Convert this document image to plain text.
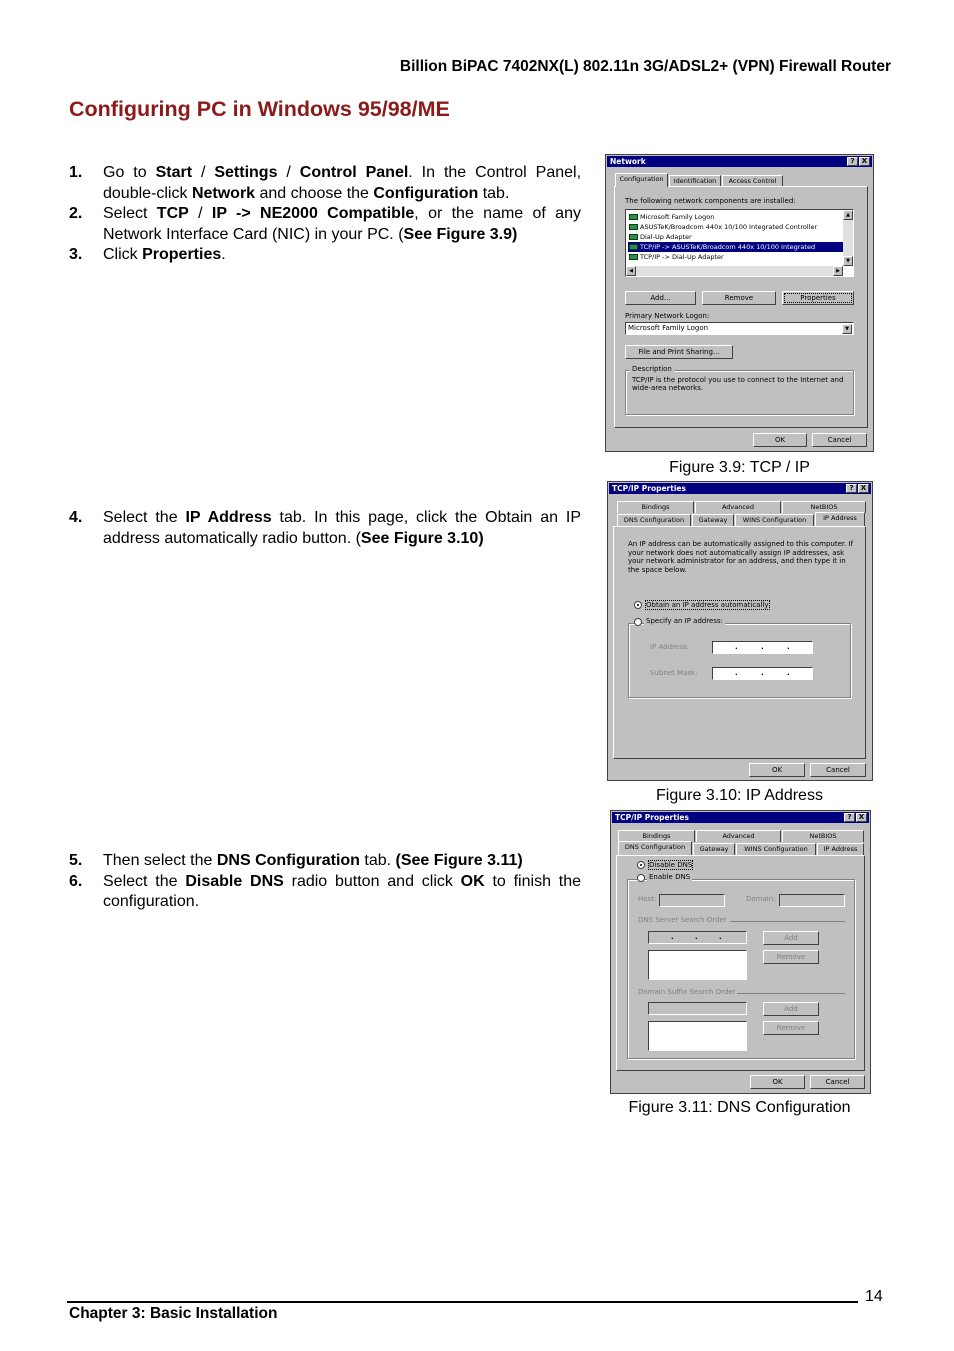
Billion BiPAC 7402NX(L) 802.11n 3G/ADSL2+ (VPN) Firewall Router
Configuring PC in Windows 95/98/ME
1. Go to Start / Settings / Control Panel. In the Control Panel, double-click Network and choose the Configuration tab.
2. Select TCP / IP -> NE2000 Compatible, or the name of any Network Interface Card (NIC) in your PC. (See Figure 3.9)
3. Click Properties.
4. Select the IP Address tab. In this page, click the Obtain an IP address automatically radio button. (See Figure 3.10)
5. Then select the DNS Configuration tab. (See Figure 3.11)
6. Select the Disable DNS radio button and click OK to finish the configuration.
Network	?	X
Configuration	Identification	Access Control
The following network components are installed:
Microsoft Family Logon
ASUSTeK/Broadcom 440x 10/100 Integrated Controller
Dial-Up Adapter
TCP/IP -> ASUSTeK/Broadcom 440x 10/100 Integrated
TCP/IP -> Dial-Up Adapter
▲
▼
◀	▶
Add...	Remove	Properties
Primary Network Logon:
Microsoft Family Logon	▼
File and Print Sharing...
Description
TCP/IP is the protocol you use to connect to the Internet and wide-area networks.
OK	Cancel
Figure 3.9: TCP / IP
TCP/IP Properties	?	X
Bindings	Advanced	NetBIOS
DNS Configuration	Gateway	WINS Configuration	IP Address
An IP address can be automatically assigned to this computer. If your network does not automatically assign IP addresses, ask your network administrator for an address, and then type it in the space below.
Obtain an IP address automatically
Specify an IP address:
IP Address:	.	.	.
Subnet Mask:	.	.	.
OK	Cancel
Figure 3.10: IP Address
TCP/IP Properties	?	X
Bindings	Advanced	NetBIOS
DNS Configuration	Gateway	WINS Configuration	IP Address
Disable DNS
Enable DNS
Host:	Domain:
DNS Server Search Order
.	.	.	Add
Remove
Domain Suffix Search Order
Add
Remove
OK	Cancel
Figure 3.11: DNS Configuration
Chapter 3: Basic Installation
14
